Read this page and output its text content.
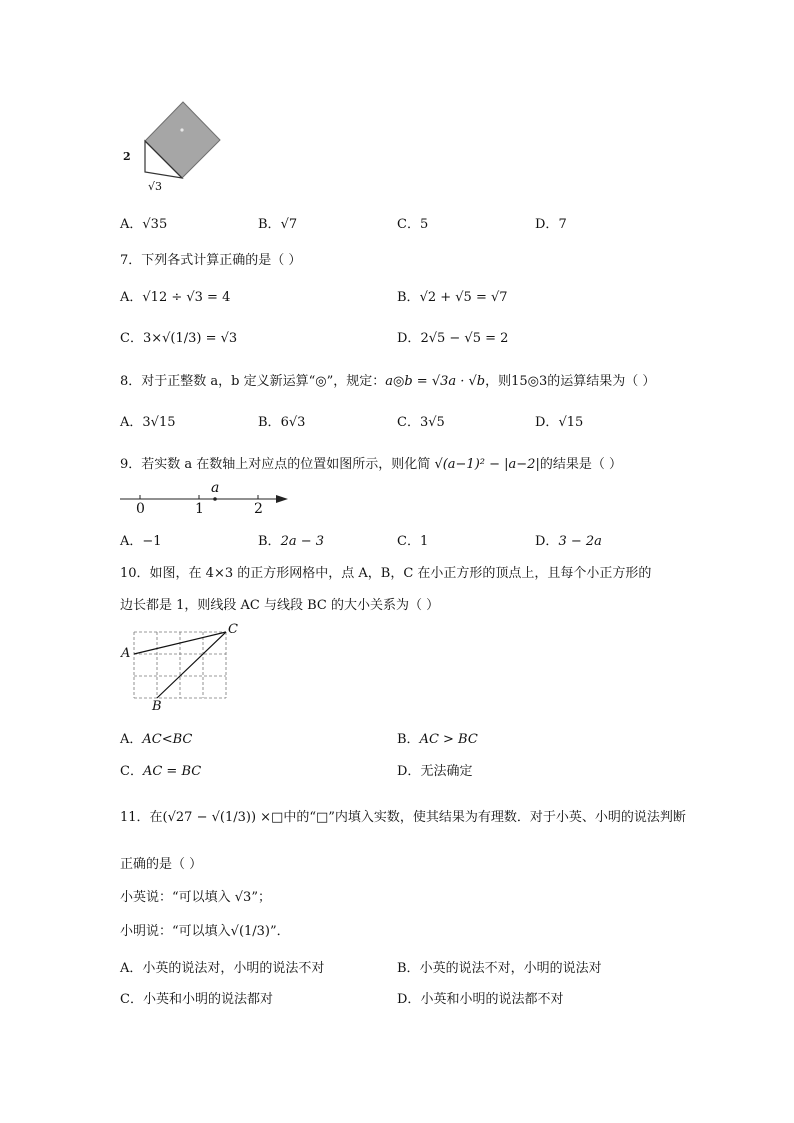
2
√3
A．√35	B．√7	C．5	D．7
7．下列各式计算正确的是（ ）
A．√12 ÷ √3 = 4	B．√2 + √5 = √7
C．3×√(1/3) = √3	D．2√5 − √5 = 2
8．对于正整数 a，b 定义新运算“◎”，规定：a◎b = √3a · √b，则15◎3的运算结果为（ ）
A．3√15	B．6√3	C．3√5	D．√15
9．若实数 a 在数轴上对应点的位置如图所示，则化简 √(a−1)² − |a−2|的结果是（ ）
a
0	1	2
A．−1	B．2a − 3	C．1	D．3 − 2a
10．如图，在 4×3 的正方形网格中，点 A，B，C 在小正方形的顶点上，且每个小正方形的
边长都是 1，则线段 AC 与线段 BC 的大小关系为（ ）
A
B
C
A．AC<BC	B．AC > BC
C．AC = BC	D．无法确定
11．在(√27 − √(1/3)) ×□中的“□”内填入实数，使其结果为有理数．对于小英、小明的说法判断
正确的是（ ）
小英说：“可以填入 √3”；
小明说：“可以填入√(1/3)”．
A．小英的说法对，小明的说法不对	B．小英的说法不对，小明的说法对
C．小英和小明的说法都对	D．小英和小明的说法都不对
